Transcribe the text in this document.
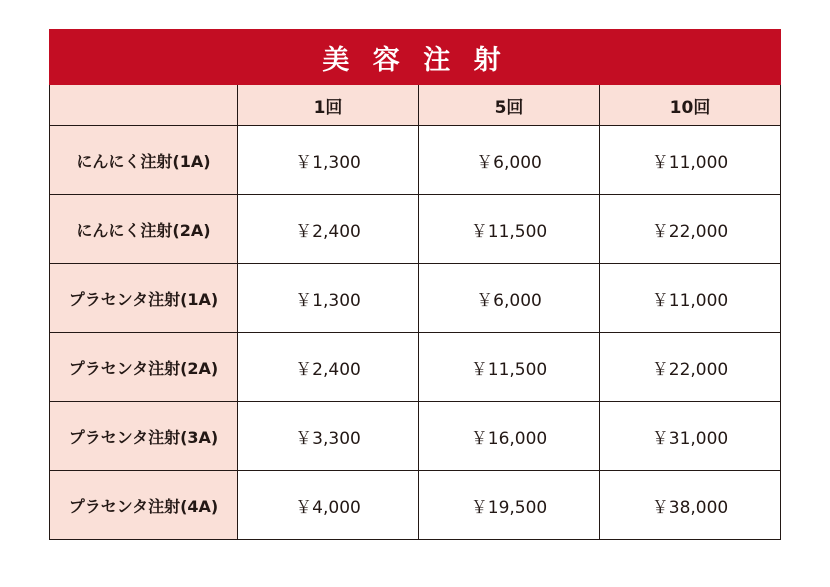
美 容 注 射			
	1回	5回	10回
にんにく注射(1A)	￥1,300	￥6,000	￥11,000
にんにく注射(2A)	￥2,400	￥11,500	￥22,000
プラセンタ注射(1A)	￥1,300	￥6,000	￥11,000
プラセンタ注射(2A)	￥2,400	￥11,500	￥22,000
プラセンタ注射(3A)	￥3,300	￥16,000	￥31,000
プラセンタ注射(4A)	￥4,000	￥19,500	￥38,000
